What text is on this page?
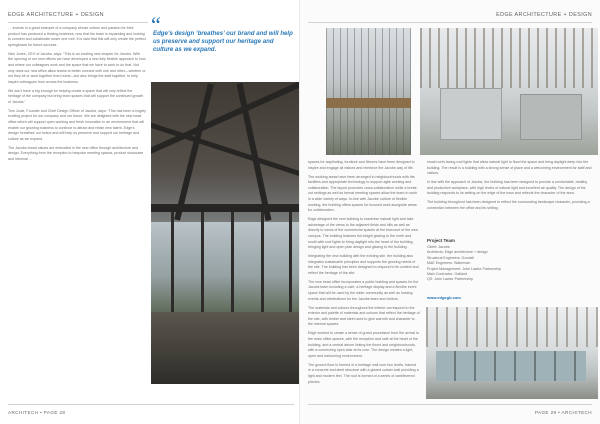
EDGE ARCHITECTURE + DESIGN

… invests in a great example of a company whose culture and passion for their product has produced a thriving business, now that the team is expanding and looking to connect and collaborate under one roof. It is said that this will only create the perfect springboard for future success.

Nick Jones, CEO of Jacobs, says: “This is an exciting new chapter for Jacobs. With the opening of our new offices we have developed a new fully flexible approach to how and where our colleagues work and the space that we have to work to do that. Not only does our new office allow teams to better connect with one and other—whether or not they sit or work together from home—but also brings the staff together, to help inspire colleagues from across the business.

We don’t have a big enough for helping create a space that will only reflect the heritage of the company but bring team spaces that will support the continued growth of Jacobs.”

Tom Joule, Founder and Chief Design Officer of Jacobs, says: “This has been a hugely exciting project for our company and our future. We are delighted with the new head office which will support open working and fresh innovation in an environment that will enable our growing business to continue to attract and retain new talent. Edge’s design ‘breathes’ our brand and will help us preserve and support our heritage and culture as we expand.

The Jacobs brand values are embodied in the new office through architecture and design. Everything from the reception to bespoke meeting spaces, product showcase and informal …

“
Edge’s design ‘breathes’ our brand and will help us preserve and support our heritage and culture as we expand.
ARCHITECH • PAGE 28
EDGE ARCHITECTURE + DESIGN

spaces for wayfinding, furniture and fixtures have been designed to inspire and engage all visitors and reinforce the Jacobs way of life.

The working areas have been arranged in neighbourhoods with the facilities and appropriate technology to support agile working and collaboration. The layout promotes cross-collaboration while a break-out settings as well as formal meeting spaces allow the team to work in a wide variety of ways. In-line with Jacobs' culture of flexible working, the building offers spaces for focused work alongside areas for collaboration.

Edge designed the new building to maximise natural light and take advantage of the views to the adjacent fields and hills as well as directly to views of the commercial spaces at the forecourt of the new campus. The building features full-height glazing to the north and south with roof lights to bring daylight into the heart of the building, bringing light and open plan design and glazing to the building.

Integrating the new building with the existing site, the building also integrates sustainable principles and supports the growing needs of the site. The building has been designed to respond to its context and reflect the heritage of the site.

The new head office incorporates a public building and spaces for the Jacobs team including a café, a heritage display and a flexible event space that will be used by the wider community as well as hosting events and celebrations for the Jacobs team and visitors.

The materials and colours throughout the interior correspond to the exterior and palette of materials and colours that reflect the heritage of the site, with timber and steel used to give warmth and character to the internal spaces.

Edge worked to create a sense of grand procession from the arrival to the main office spaces, with the reception and café at the heart of the building, and a central atrium linking the floors and neighbourhoods, with a connecting open stair at its core. The design creates a light, open and welcoming environment.

The ground floor is formed of a heritage wall over two levels, framed in a concrete and steel structure with a glazed curtain wall providing a light and modern feel. The roof is formed of a series of cantilevered pitches.

small north-facing roof lights that allow natural light to flood the space and bring daylight deep into the building. The result is a building with a strong sense of place and a welcoming environment for staff and visitors.

In line with the approach of Jacobs, the building has been designed to provide a comfortable, healthy and productive workplace, with high levels of natural light and excellent air quality. The design of the building responds to its setting on the edge of the town and reflects the character of the area.

The building throughout has been designed to reflect the surrounding landscape character, providing a connection between the office and its setting.

PAGE 29 • ARCHITECH
Project Team
Client: Jacobs
Architects: Edge architecture + design
Structural Engineers: Goodall
M&E Engineers: Waterman
Project Management: John Lawlor Partnership
Main Contractor: Galliard
QS: John Lawlor Partnership
www.edgegb.com
